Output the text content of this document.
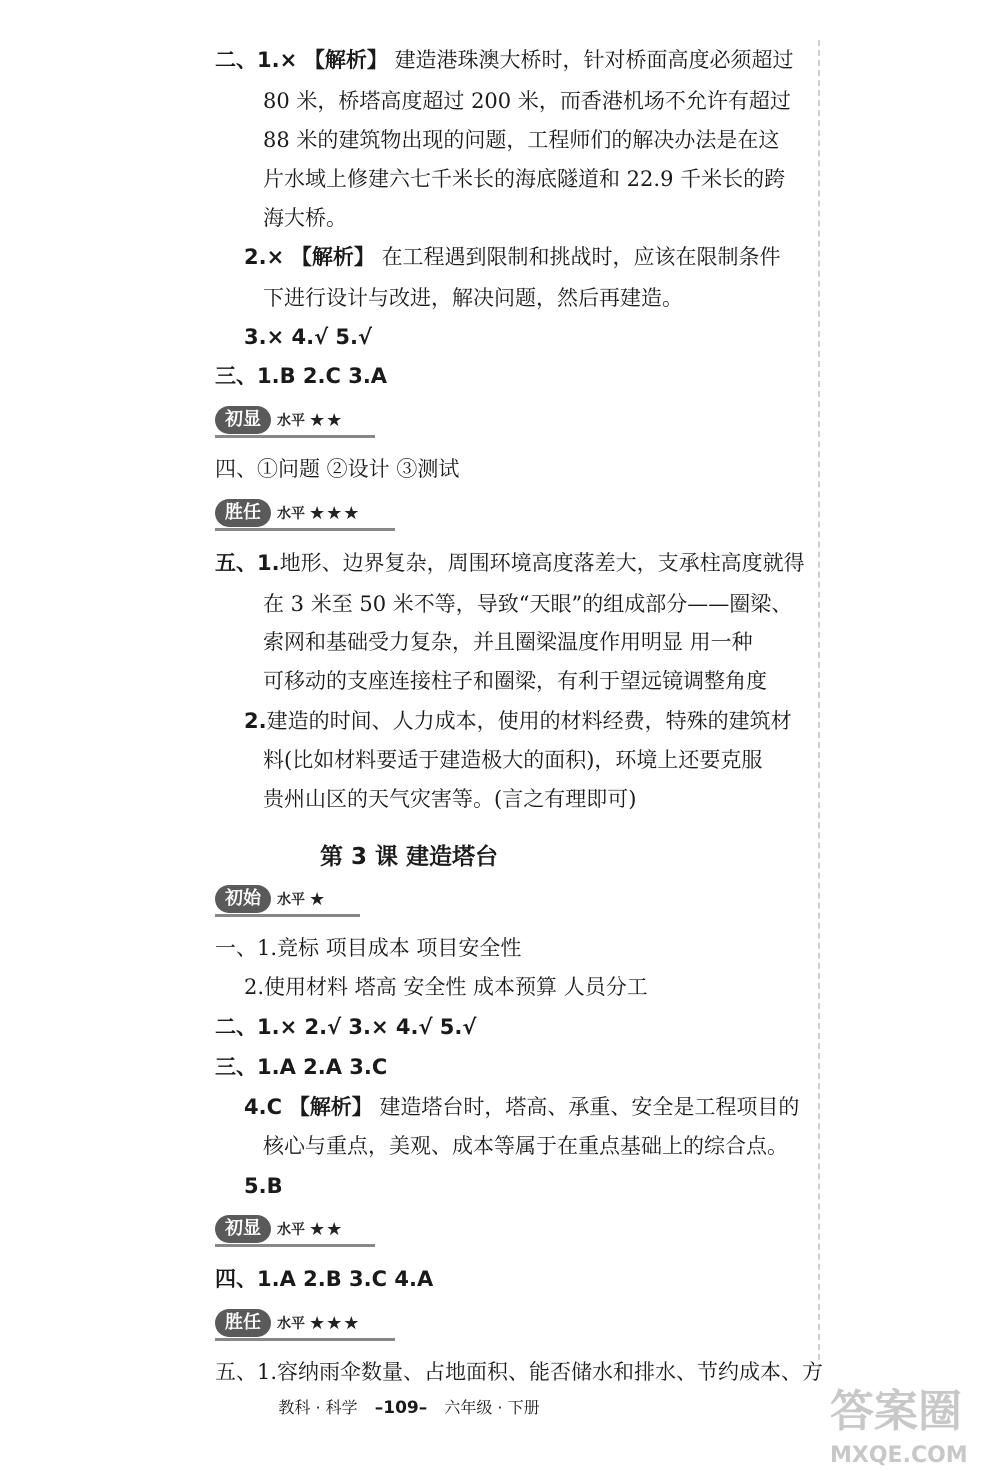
二、1.× 【解析】 建造港珠澳大桥时，针对桥面高度必须超过
80 米，桥塔高度超过 200 米，而香港机场不允许有超过
88 米的建筑物出现的问题，工程师们的解决办法是在这
片水域上修建六七千米长的海底隧道和 22.9 千米长的跨
海大桥。
2.× 【解析】 在工程遇到限制和挑战时，应该在限制条件
下进行设计与改进，解决问题，然后再建造。
3.× 4.√ 5.√
三、1.B 2.C 3.A
初显	水平 ★★
四、①问题 ②设计 ③测试
胜任	水平 ★★★
五、1.地形、边界复杂，周围环境高度落差大，支承柱高度就得
在 3 米至 50 米不等，导致“天眼”的组成部分——圈梁、
索网和基础受力复杂，并且圈梁温度作用明显 用一种
可移动的支座连接柱子和圈梁，有利于望远镜调整角度
2.建造的时间、人力成本，使用的材料经费，特殊的建筑材
料(比如材料要适于建造极大的面积)，环境上还要克服
贵州山区的天气灾害等。(言之有理即可)
第 3 课 建造塔台
初始	水平 ★
一、1.竞标 项目成本 项目安全性
2.使用材料 塔高 安全性 成本预算 人员分工
二、1.× 2.√ 3.× 4.√ 5.√
三、1.A 2.A 3.C
4.C 【解析】 建造塔台时，塔高、承重、安全是工程项目的
核心与重点，美观、成本等属于在重点基础上的综合点。
5.B
初显	水平 ★★
四、1.A 2.B 3.C 4.A
胜任	水平 ★★★
五、1.容纳雨伞数量、占地面积、能否储水和排水、节约成本、方
教科 · 科学 –109– 六年级 · 下册	答案圈
MXQE.COM
